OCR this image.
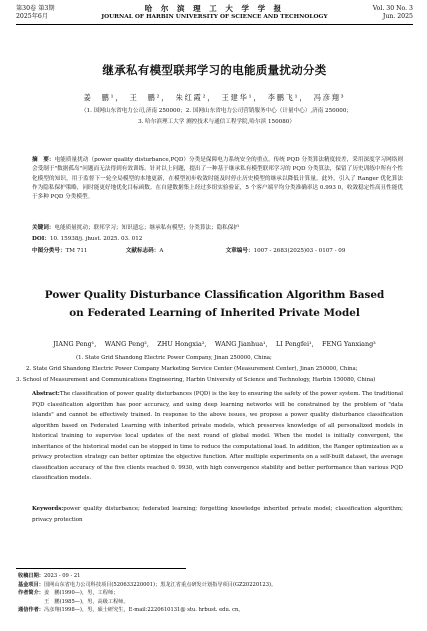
第30卷 第3期
2025年6月
哈 尔 滨 理 工 大 学 学 报
JOURNAL OF HARBIN UNIVERSITY OF SCIENCE AND TECHNOLOGY
Vol. 30 No. 3
Jun. 2025
继承私有模型联邦学习的电能质量扰动分类
姜　鹏¹，　王　鹏²，　朱红霞²，　王建华¹，　李鹏飞¹，　冯彦翔³
（1. 国网山东省电力公司,济南 250000；2. 国网山东省电力公司营销服务中心（计量中心）,济南 250000；
3. 哈尔滨理工大学 测控技术与通信工程学院,哈尔滨 150080）
摘　要：电能质量扰动（power quality disturbance,PQD）分类是保障电力系统安全的重点。传统 PQD 分类算法精度较差，采用深度学习网络则会受制于"数据孤岛"问题而无法得到有效训练。针对以上问题，提出了一种基于继承私有模型联邦学习的 PQD 分类算法，保留了历史训练中所有个性化模型的知识，用于监督下一轮全局模型的本地更新，在模型初步收敛时能及时停止历史模型的继承以降低计算量。此外，引入了 Ranger 优化算法作为隐私保护策略，同时能更好地优化目标函数。在自建数据集上经过多组实验验证，5 个客户端平均分类准确率达 0.993 0，收敛稳定性高且性能优于多种 PQD 分类模型。
关键词：电能质量扰动；联邦学习；知识遗忘；继承私有模型；分类算法；隐私保护
DOI：10. 15938/j. jhust. 2025. 03. 012
中图分类号：TM 711	文献标志码：A	文章编号：1007 - 2683(2025)03 - 0107 - 09
Power Quality Disturbance Classification Algorithm Based
on Federated Learning of Inherited Private Model
JIANG Peng¹,　 WANG Peng²,　 ZHU Hongxia²,　 WANG Jianhua¹,　 LI Pengfei¹,　 FENG Yanxiang³
(1. State Grid Shandong Electric Power Company, Jinan 250000, China;
2. State Grid Shandong Electric Power Company Marketing Service Center (Measurement Center), Jinan 250000, China;
3. School of Measurement and Communications Engineering, Harbin University of Science and Technology, Harbin 150080, China)
Abstract:The classification of power quality disturbances (PQD) is the key to ensuring the safety of the power system. The traditional PQD classification algorithm has poor accuracy, and using deep learning networks will be constrained by the problem of "data islands" and cannot be effectively trained. In response to the above issues, we propose a power quality disturbance classification algorithm based on Federated Learning with inherited private models, which preserves knowledge of all personalized models in historical training to supervise local updates of the next round of global model. When the model is initially convergent, the inheritance of the historical model can be stopped in time to reduce the computational load. In addition, the Ranger optimization as a privacy protection strategy can better optimize the objective function. After multiple experiments on a self-built dataset, the average classification accuracy of the five clients reached 0. 9930, with high convergence stability and better performance than various PQD classification models.
Keywords:power quality disturbance; federated learning; forgetting knowledge inherited private model; classification algorithm; privacy protection
收稿日期：2023 - 09 - 21
基金项目：国网山东省电力公司科技项目(520633220001)；黑龙江省重点研发计划指导项目(GZ20220123)。
作者简介：姜　鹏(1990—)，男，工程师；
王　鹏(1985—)，男，高级工程师。
通信作者：冯彦翔(1998—)，男，硕士研究生，E-mail:2220610131@ stu. hrbust. edu. cn。
